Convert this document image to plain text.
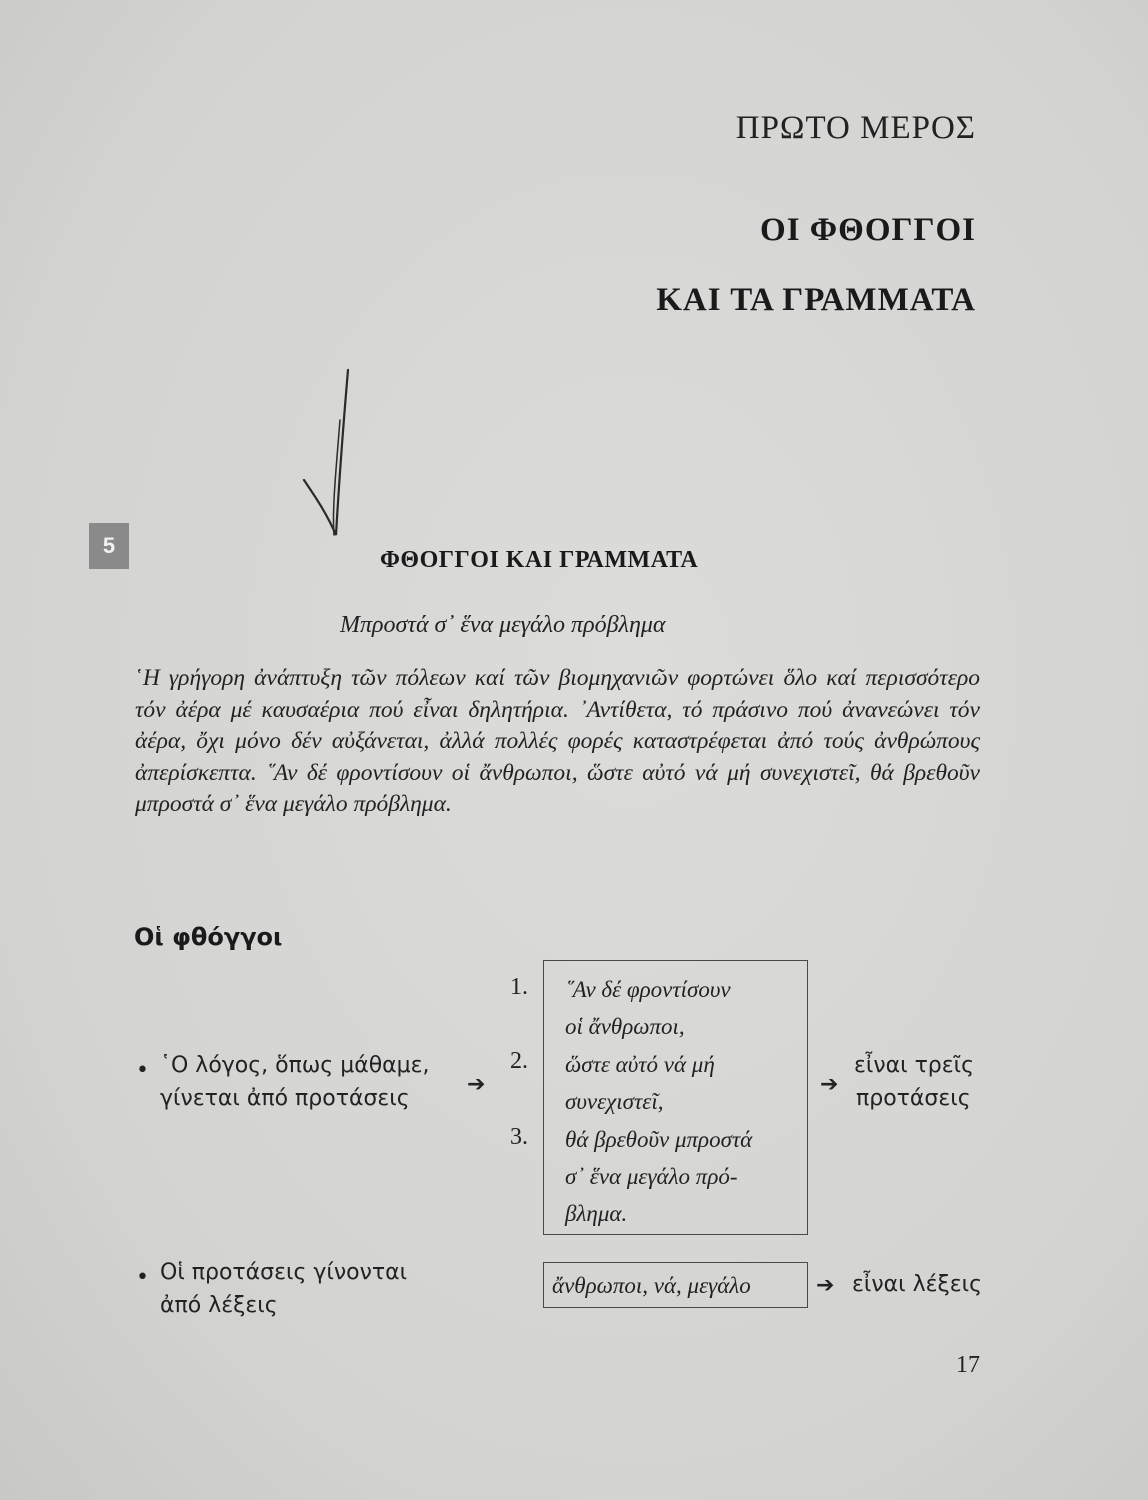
ΠΡΩΤΟ ΜΕΡΟΣ
ΟΙ ΦΘΟΓΓΟΙ
ΚΑΙ ΤΑ ΓΡΑΜΜΑΤΑ
5
ΦΘΟΓΓΟΙ ΚΑΙ ΓΡΑΜΜΑΤΑ
Μπροστά σ᾽ ἕνα μεγάλο πρόβλημα
῾Η γρήγορη ἀνάπτυξη τῶν πόλεων καί τῶν βιομηχανιῶν φορτώνει ὅλο καί περισσότερο τόν ἀέρα μέ καυσαέρια πού εἶναι δηλητήρια. ᾽Αντίθετα, τό πράσινο πού ἀνανεώνει τόν ἀέρα, ὄχι μόνο δέν αὐξάνεται, ἀλλά πολλές φορές καταστρέφεται ἀπό τούς ἀνθρώπους ἀπερίσκεπτα. ῞Αν δέ φροντίσουν οἱ ἄνθρωποι, ὥστε αὐτό νά μή συνεχιστεῖ, θά βρεθοῦν μπροστά σ᾽ ἕνα μεγάλο πρόβλημα.
Οἱ φθόγγοι
• ῾Ο λόγος, ὅπως μάθαμε,
γίνεται ἀπό προτάσεις
➔
1. ῞Αν δέ φροντίσουν
οἱ ἄνθρωποι,
2. ὥστε αὐτό νά μή
συνεχιστεῖ,
3. θά βρεθοῦν μπροστά
σ᾽ ἕνα μεγάλο πρό-
βλημα.
➔
εἶναι τρεῖς
προτάσεις
• Οἱ προτάσεις γίνονται
ἀπό λέξεις
ἄνθρωποι, νά, μεγάλο	➔ εἶναι λέξεις
17
